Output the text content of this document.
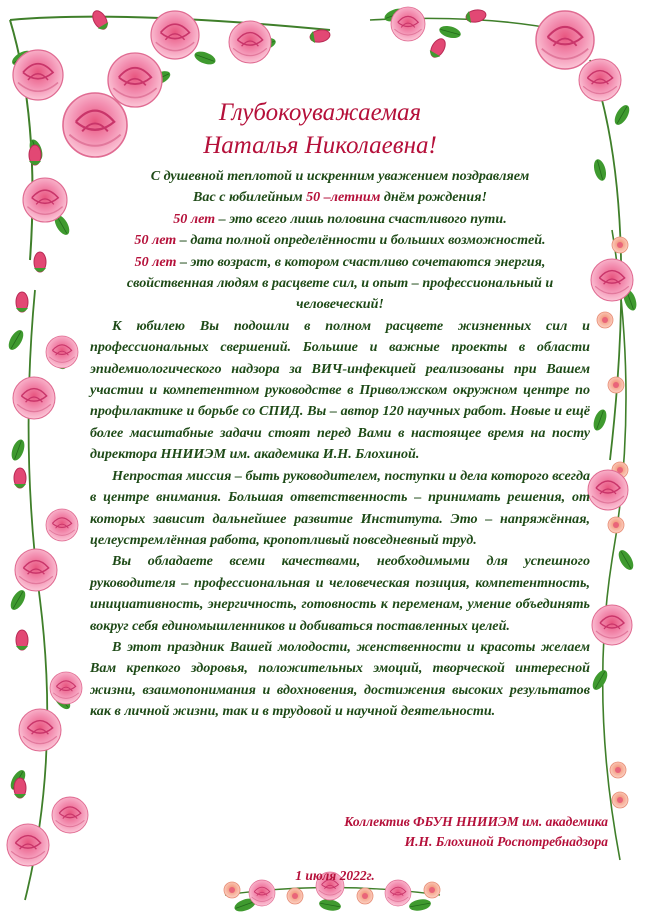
Глубокоуважаемая
Наталья Николаевна!
С душевной теплотой и искренним уважением поздравляем
Вас с юбилейным 50 –летним днём рождения!
50 лет – это всего лишь половина счастливого пути.
50 лет – дата полной определённости и больших возможностей.
50 лет – это возраст, в котором счастливо сочетаются энергия, свойственная людям в расцвете сил, и опыт – профессиональный и человеческий!
К юбилею Вы подошли в полном расцвете жизненных сил и профессиональных свершений. Большие и важные проекты в области эпидемиологического надзора за ВИЧ-инфекцией реализованы при Вашем участии и компетентном руководстве в Приволжском окружном центре по профилактике и борьбе со СПИД. Вы – автор 120 научных работ. Новые и ещё более масштабные задачи стоят перед Вами в настоящее время на посту директора ННИИЭМ им. академика И.Н. Блохиной.
Непростая миссия – быть руководителем, поступки и дела которого всегда в центре внимания. Большая ответственность – принимать решения, от которых зависит дальнейшее развитие Института. Это – напряжённая, целеустремлённая работа, кропотливый повседневный труд.
Вы обладаете всеми качествами, необходимыми для успешного руководителя – профессиональная и человеческая позиция, компетентность, инициативность, энергичность, готовность к переменам, умение объединять вокруг себя единомышленников и добиваться поставленных целей.
В этот праздник Вашей молодости, женственности и красоты желаем Вам крепкого здоровья, положительных эмоций, творческой интересной жизни, взаимопонимания и вдохновения, достижения высоких результатов как в личной жизни, так и в трудовой и научной деятельности.
Коллектив ФБУН ННИИЭМ им. академика
И.Н. Блохиной Роспотребнадзора
1 июля 2022г.
